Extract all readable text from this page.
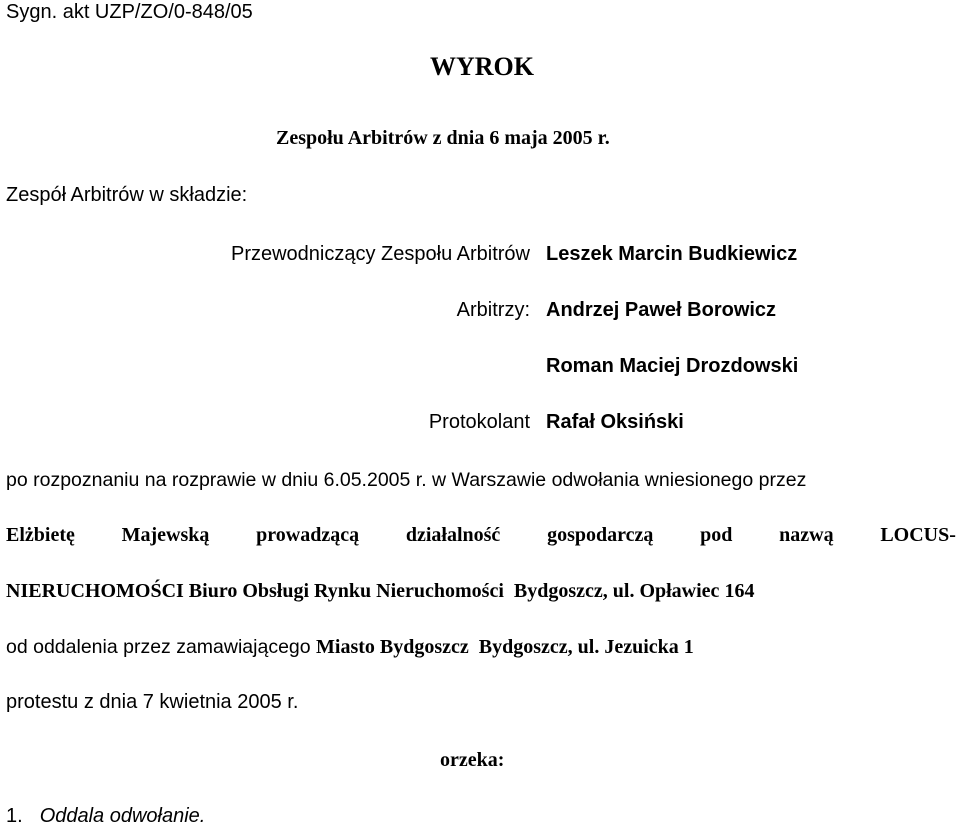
Sygn. akt UZP/ZO/0-848/05
WYROK
Zespołu Arbitrów z dnia 6 maja 2005 r.
Zespół Arbitrów w składzie:
Przewodniczący Zespołu Arbitrów Leszek Marcin Budkiewicz
Arbitrzy: Andrzej Paweł Borowicz
Roman Maciej Drozdowski
Protokolant Rafał Oksiński
po rozpoznaniu na rozprawie w dniu 6.05.2005 r. w Warszawie odwołania wniesionego przez
Elżbietę Majewską prowadzącą działalność gospodarczą pod nazwą LOCUS-
NIERUCHOMOŚCI Biuro Obsługi Rynku Nieruchomości  Bydgoszcz, ul. Opławiec 164
od oddalenia przez zamawiającego Miasto Bydgoszcz  Bydgoszcz, ul. Jezuicka 1
protestu z dnia 7 kwietnia 2005 r.
orzeka:
1. Oddala odwołanie.
